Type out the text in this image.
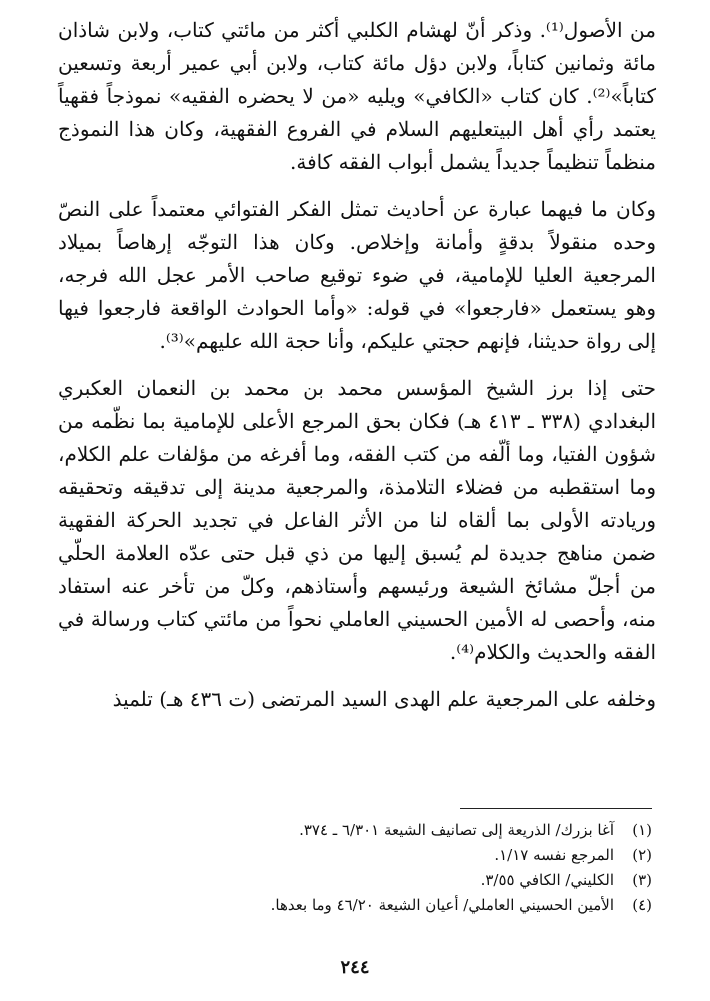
من الأصول⁽¹⁾. وذكر أنّ لهشام الكلبي أكثر من مائتي كتاب، ولابن شاذان مائة وثمانين كتاباً، ولابن دؤل مائة كتاب، ولابن أبي عمير أربعة وتسعين كتاباً»⁽²⁾. كان كتاب «الكافي» ويليه «من لا يحضره الفقيه» نموذجاً فقهياً يعتمد رأي أهل البيتعليهم السلام في الفروع الفقهية، وكان هذا النموذج منظماً تنظيماً جديداً يشمل أبواب الفقه كافة.

وكان ما فيهما عبارة عن أحاديث تمثل الفكر الفتوائي معتمداً على النصّ وحده منقولاً بدقةٍ وأمانة وإخلاص. وكان هذا التوجّه إرهاصاً بميلاد المرجعية العليا للإمامية، في ضوء توقيع صاحب الأمر عجل الله فرجه، وهو يستعمل «فارجعوا» في قوله: «وأما الحوادث الواقعة فارجعوا فيها إلى رواة حديثنا، فإنهم حجتي عليكم، وأنا حجة الله عليهم»⁽³⁾.

حتى إذا برز الشيخ المؤسس محمد بن محمد بن النعمان العكبري البغدادي (٣٣٨ ـ ٤١٣ هـ) فكان بحق المرجع الأعلى للإمامية بما نظّمه من شؤون الفتيا، وما ألّفه من كتب الفقه، وما أفرغه من مؤلفات علم الكلام، وما استقطبه من فضلاء التلامذة، والمرجعية مدينة إلى تدقيقه وتحقيقه وريادته الأولى بما ألقاه لنا من الأثر الفاعل في تجديد الحركة الفقهية ضمن مناهج جديدة لم يُسبق إليها من ذي قبل حتى عدّه العلامة الحلّي من أجلّ مشائخ الشيعة ورئيسهم وأستاذهم، وكلّ من تأخر عنه استفاد منه، وأحصى له الأمين الحسيني العاملي نحواً من مائتي كتاب ورسالة في الفقه والحديث والكلام⁽⁴⁾.

وخلفه على المرجعية علم الهدى السيد المرتضى (ت ٤٣٦ هـ) تلميذ

(١)
آغا بزرك/ الذريعة إلى تصانيف الشيعة ٦/٣٠١ ـ ٣٧٤.
(٢)
المرجع نفسه ١/١٧.
(٣)
الكليني/ الكافي ٣/٥٥.
(٤)
الأمين الحسيني العاملي/ أعيان الشيعة ٤٦/٢٠ وما بعدها.
٢٤٤
